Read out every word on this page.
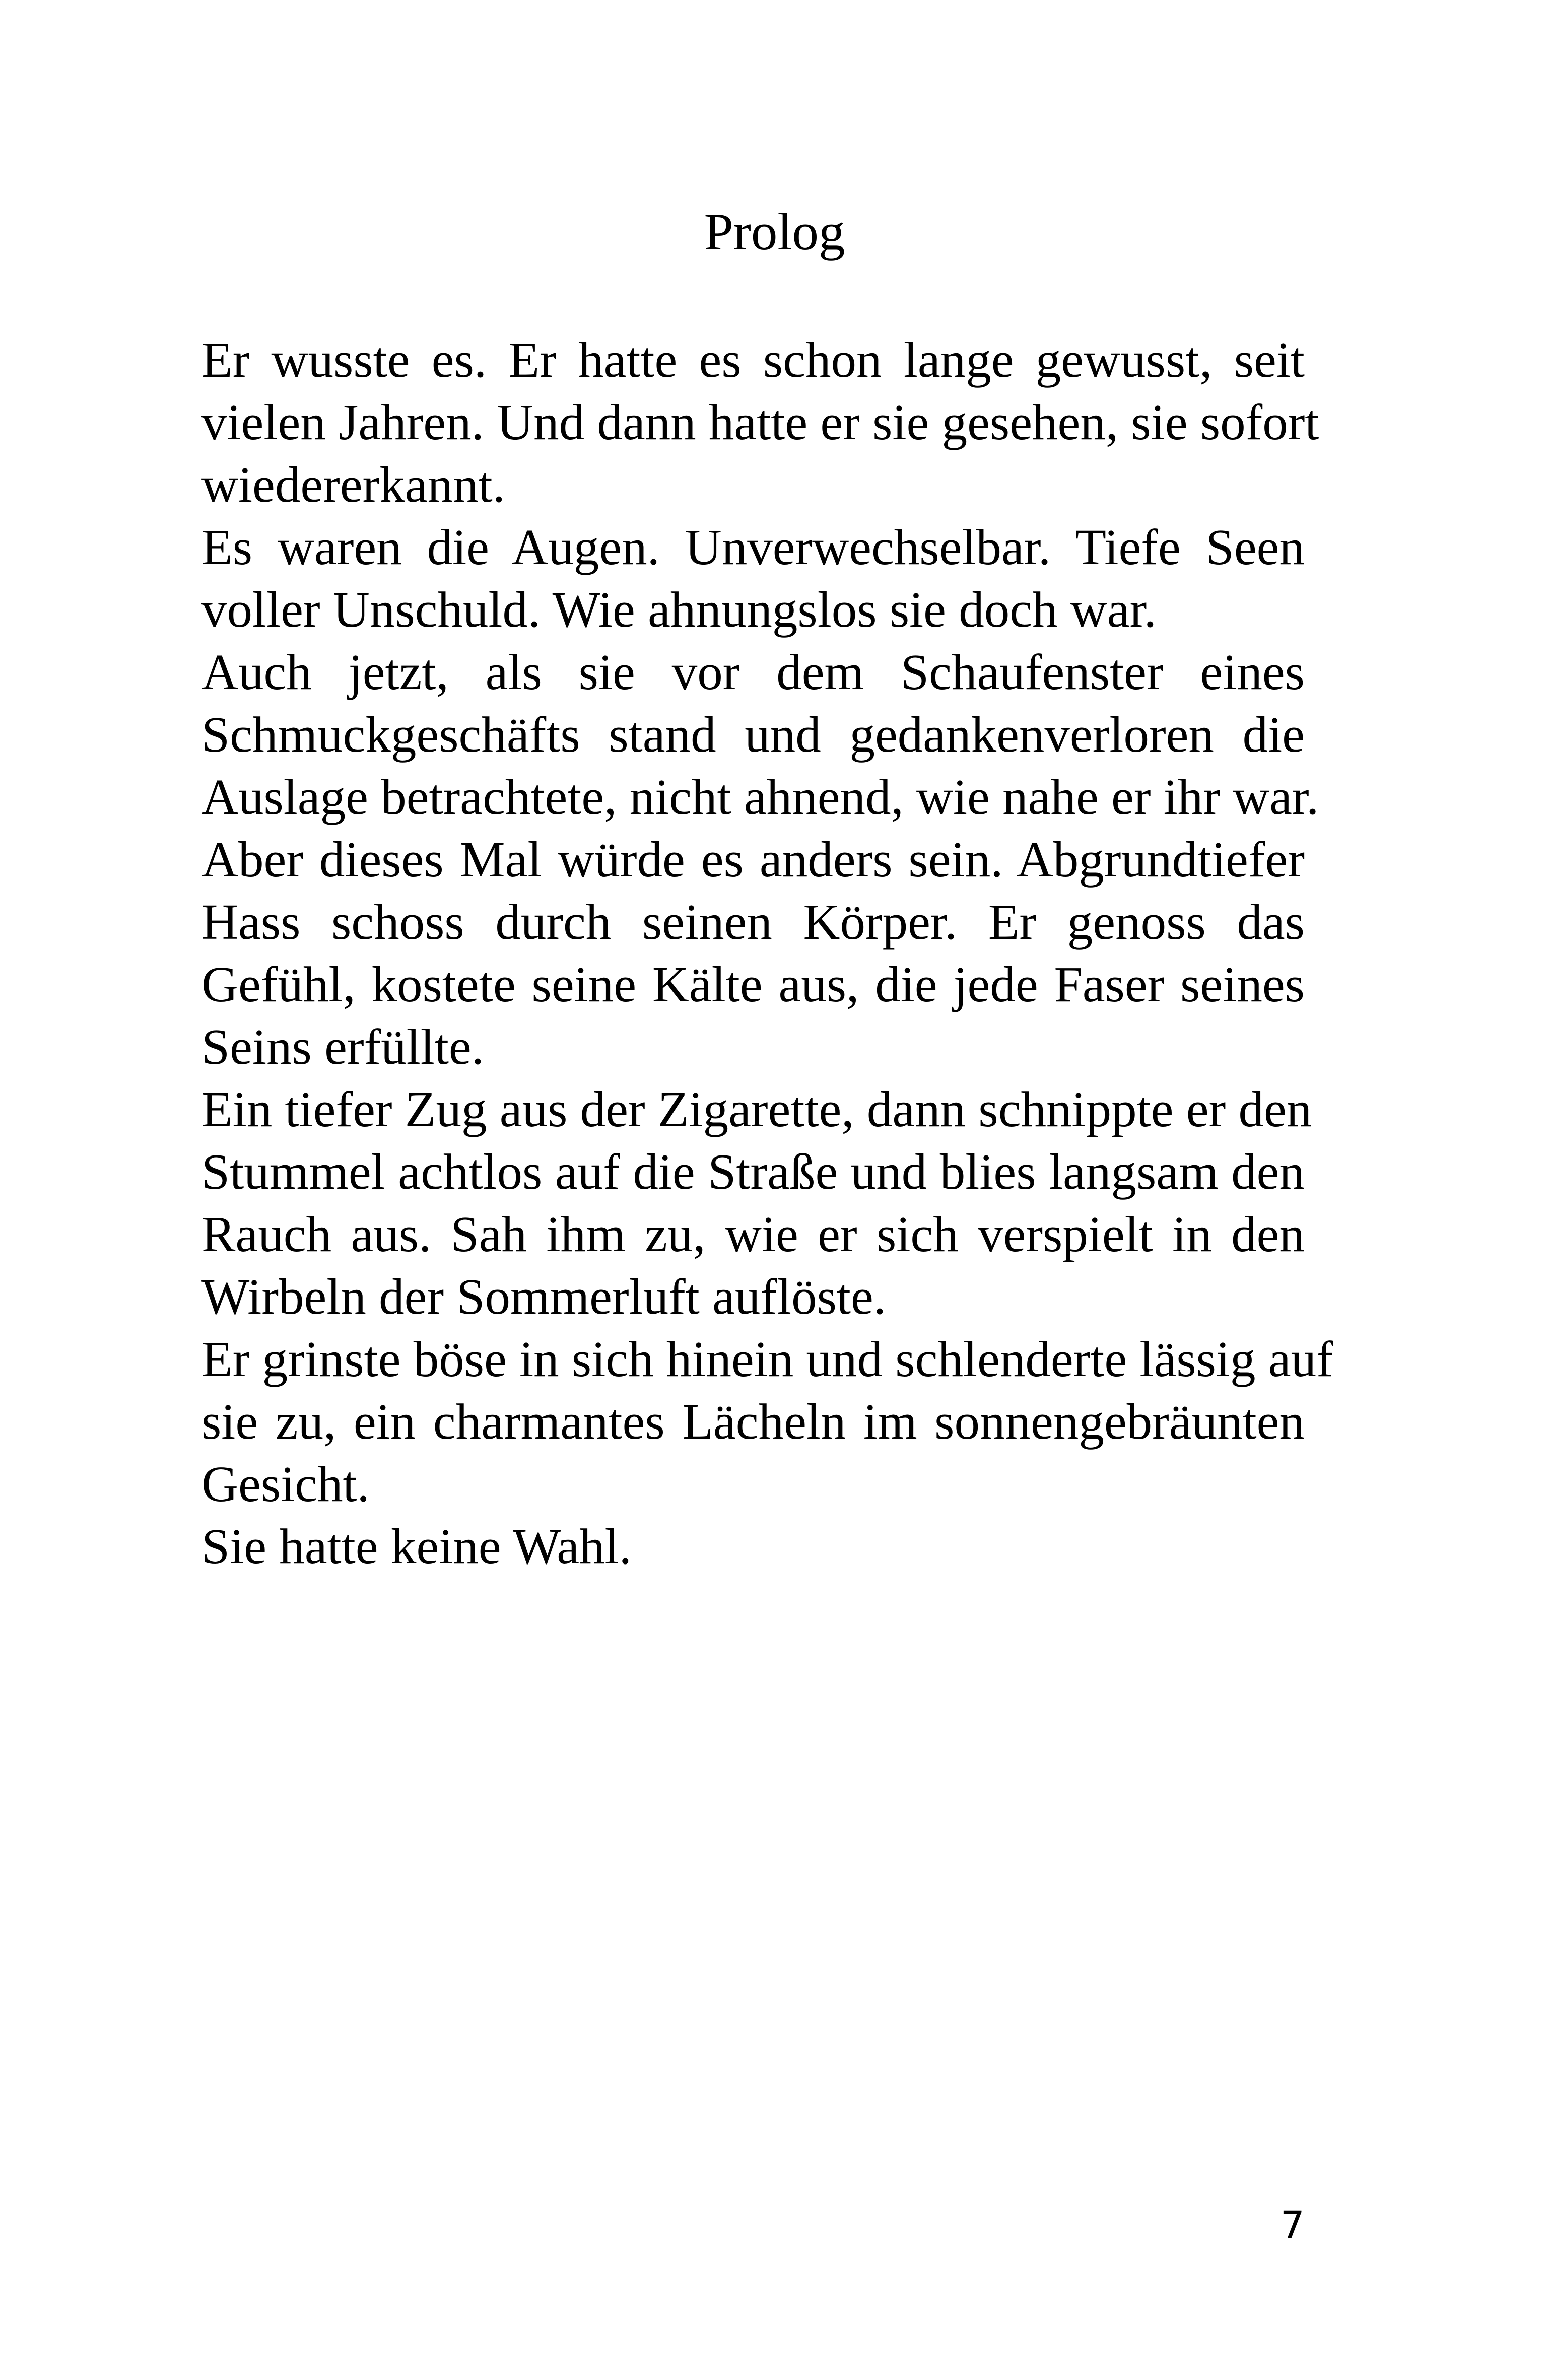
Prolog
Er wusste es. Er hatte es schon lange gewusst, seit
vielen Jahren. Und dann hatte er sie gesehen, sie sofort
wiedererkannt.
Es waren die Augen. Unverwechselbar. Tiefe Seen
voller Unschuld. Wie ahnungslos sie doch war.
Auch jetzt, als sie vor dem Schaufenster eines
Schmuckgeschäfts stand und gedankenverloren die
Auslage betrachtete, nicht ahnend, wie nahe er ihr war.
Aber dieses Mal würde es anders sein. Abgrundtiefer
Hass schoss durch seinen Körper. Er genoss das
Gefühl, kostete seine Kälte aus, die jede Faser seines
Seins erfüllte.
Ein tiefer Zug aus der Zigarette, dann schnippte er den
Stummel achtlos auf die Straße und blies langsam den
Rauch aus. Sah ihm zu, wie er sich verspielt in den
Wirbeln der Sommerluft auflöste.
Er grinste böse in sich hinein und schlenderte lässig auf
sie zu, ein charmantes Lächeln im sonnengebräunten
Gesicht.
Sie hatte keine Wahl.
7
